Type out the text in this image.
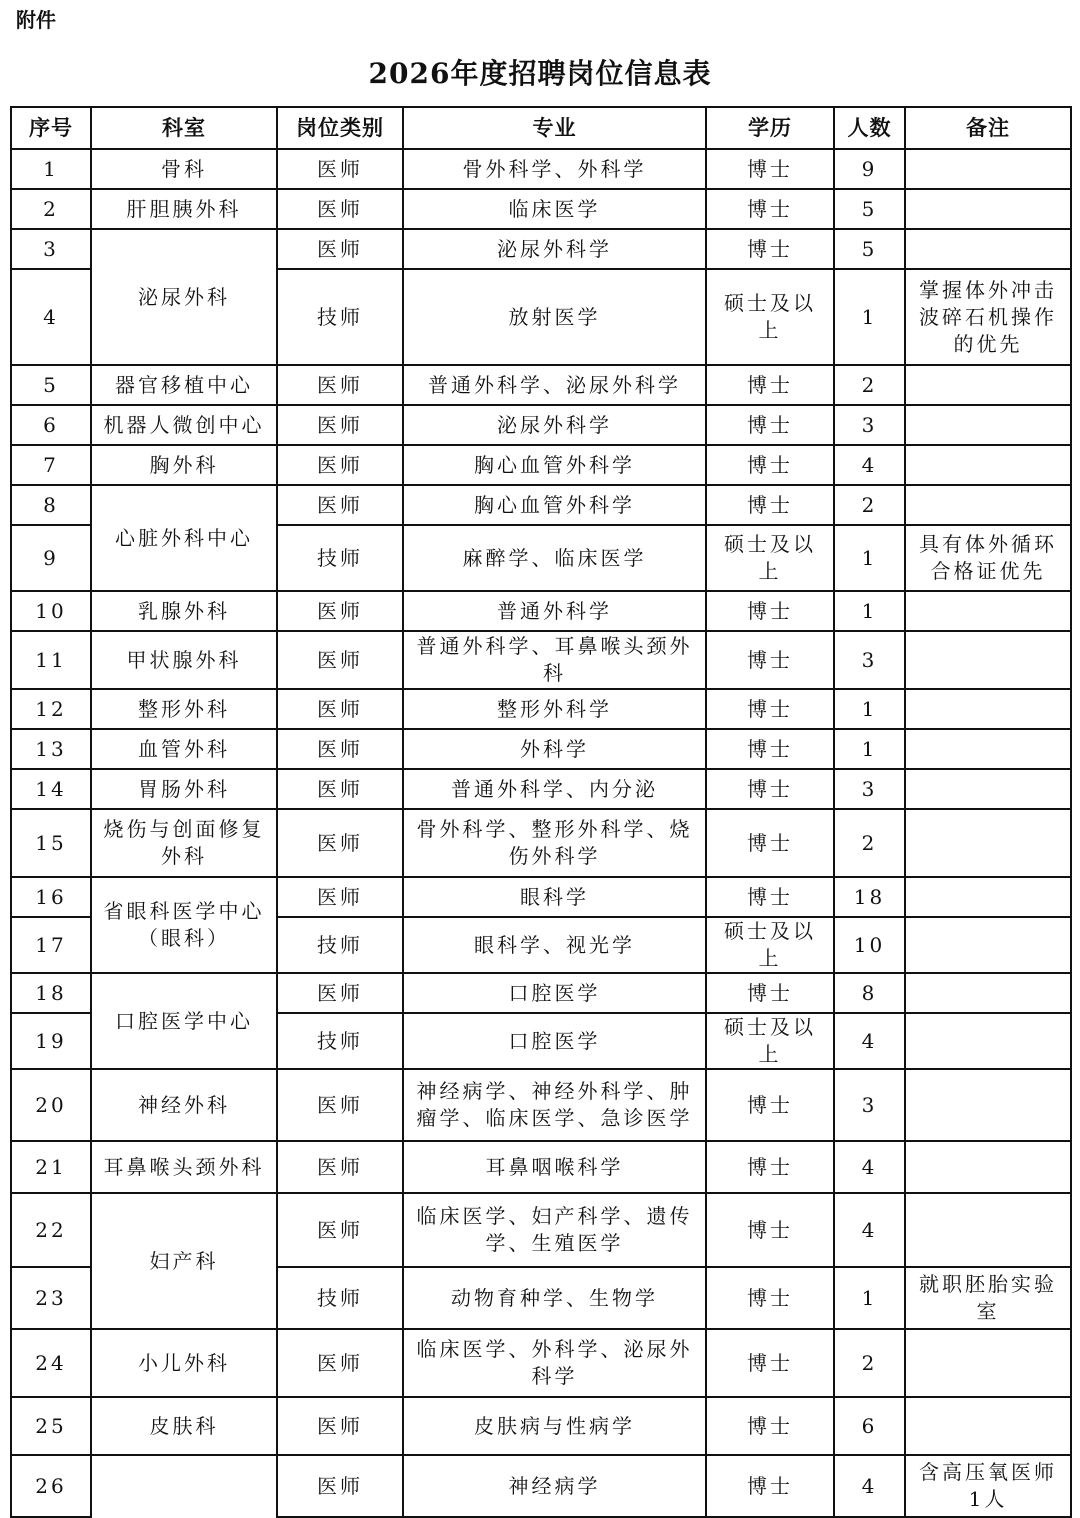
附件
2026年度招聘岗位信息表
序号	科室	岗位类别	专业	学历	人数	备注
1	骨科	医师	骨外科学、外科学	博士	9	
2	肝胆胰外科	医师	临床医学	博士	5	
3	泌尿外科	医师	泌尿外科学	博士	5	
4		技师	放射医学	硕士及以上	1	掌握体外冲击波碎石机操作的优先
5	器官移植中心	医师	普通外科学、泌尿外科学	博士	2	
6	机器人微创中心	医师	泌尿外科学	博士	3	
7	胸外科	医师	胸心血管外科学	博士	4	
8	心脏外科中心	医师	胸心血管外科学	博士	2	
9		技师	麻醉学、临床医学	硕士及以上	1	具有体外循环合格证优先
10	乳腺外科	医师	普通外科学	博士	1	
11	甲状腺外科	医师	普通外科学、耳鼻喉头颈外科	博士	3	
12	整形外科	医师	整形外科学	博士	1	
13	血管外科	医师	外科学	博士	1	
14	胃肠外科	医师	普通外科学、内分泌	博士	3	
15	烧伤与创面修复外科	医师	骨外科学、整形外科学、烧伤外科学	博士	2	
16	省眼科医学中心（眼科）	医师	眼科学	博士	18	
17		技师	眼科学、视光学	硕士及以上	10	
18	口腔医学中心	医师	口腔医学	博士	8	
19		技师	口腔医学	硕士及以上	4	
20	神经外科	医师	神经病学、神经外科学、肿瘤学、临床医学、急诊医学	博士	3	
21	耳鼻喉头颈外科	医师	耳鼻咽喉科学	博士	4	
22	妇产科	医师	临床医学、妇产科学、遗传学、生殖医学	博士	4	
23		技师	动物育种学、生物学	博士	1	就职胚胎实验室
24	小儿外科	医师	临床医学、外科学、泌尿外科学	博士	2	
25	皮肤科	医师	皮肤病与性病学	博士	6	
26		医师	神经病学	博士	4	含高压氧医师1人
